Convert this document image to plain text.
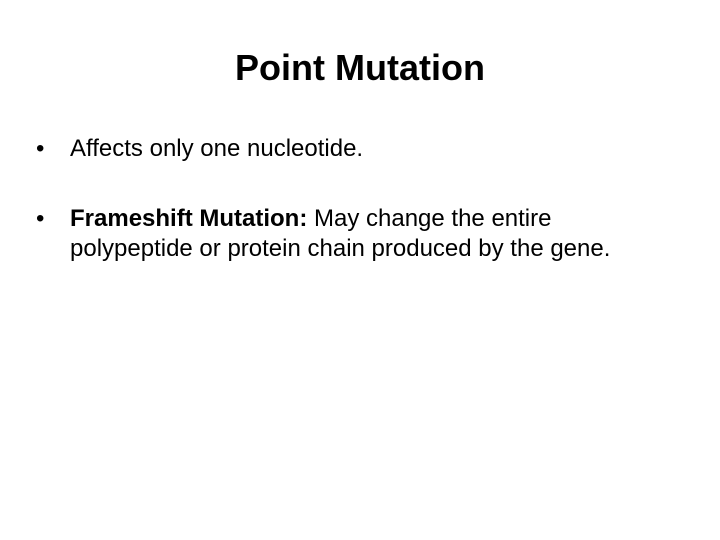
Point Mutation
•	Affects only one nucleotide.
•	Frameshift Mutation: May change the entire polypeptide or protein chain produced by the gene.
